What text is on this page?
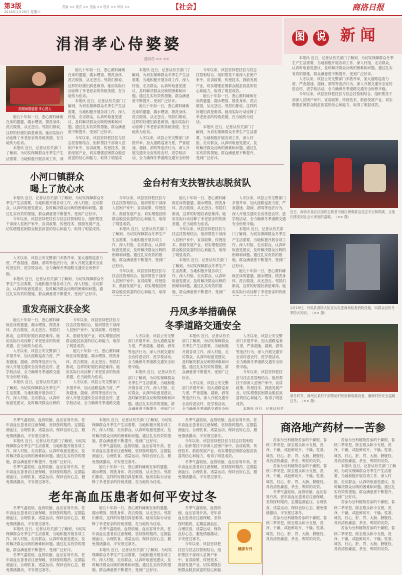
第3版
2018年1月20日 星期六
责编 ×× 版式 ×× 美编 ×× 校对 ×× 审读 ××	【社会】	商洛日报
涓涓孝心侍婆婆
通讯员 ×× ××
照顾病榻婆婆 孝心感人

她几十年如一日，悉心照料瘫痪在床的婆婆，端水喂饭、擦洗身体、洗衣做饭，从无怨言。邻居们都说，这样的好媳妇真是难得。她用实际行动诠释了孝老爱亲的传统美德，在当地传为佳话。

本报讯 近日，记者从有关部门了解到，为切实保障群众冬季生产生活需要，当地积极开展各项工作，深

她几十年如一日，悉心照料瘫痪在床的婆婆，端水喂饭、擦洗身体、洗衣做饭，从无怨言。邻居们都说，这样的好媳妇真是难得。她用实际行动诠释了孝老爱亲的传统美德，在当地传为佳话。

本报讯 近日，记者从有关部门了解到，为切实保障群众冬季生产生活需要，当地积极开展各项工作，深入村组、走访群众，认真听取意见建议，及时解决群众反映的困难和问题。通过扎实有效的措施，群众满意度不断提升，受到广泛好评。

今年以来，该县坚持把扶贫与扶志扶智相结合，组织帮扶干部深入贫困户家中，宣讲政策、传授技术、鼓励发展产业，切实增强贫困群众脱贫致富的信心和能力，取得了明显成

本报讯 近日，记者从有关部门了解到，为切实保障群众冬季生产生活需要，当地积极开展各项工作，深入村组、走访群众，认真听取意见建议，及时解决群众反映的困难和问题。通过扎实有效的措施，群众满意度不断提升，受到广泛好评。

她几十年如一日，悉心照料瘫痪在床的婆婆，端水喂饭、擦洗身体、洗衣做饭，从无怨言。邻居们都说，这样的好媳妇真是难得。她用实际行动诠释了孝老爱亲的传统美德，在当地传为佳话。

入冬以来，该县公安交警部门多措并举，加大道路巡查力度，严查超速、超载、酒驾等违法行为，深入开展交通安全宣传进农村、进学校活动，全力确保冬季道路交通安全形势

今年以来，该县坚持把扶贫与扶志扶智相结合，组织帮扶干部深入贫困户家中，宣讲政策、传授技术、鼓励发展产业，切实增强贫困群众脱贫致富的信心和能力，取得了明显成效。

她几十年如一日，悉心照料瘫痪在床的婆婆，端水喂饭、擦洗身体、洗衣做饭，从无怨言。邻居们都说，这样的好媳妇真是难得。她用实际行动诠释了孝老爱亲的传统美德，在当地传为佳话。

本报讯 近日，记者从有关部门了解到，为切实保障群众冬季生产生活需要，当地积极开展各项工作，深入村组、走访群众，认真听取意见建议，及时解决群众反映的困难和问题。通过扎实有效的措施，群众满意度不断提升，受到广泛好评。

图 说 新 闻

本报讯 近日，记者从有关部门了解到，为切实保障群众冬季生产生活需要，当地积极开展各项工作，深入村组、走访群众，认真听取意见建议，及时解决群众反映的困难和问题。通过扎实有效的措施，群众满意度不断提升，受到广泛好评。

入冬以来，该县公安交警部门多措并举，加大道路巡查力度，严查超速、超载、酒驾等违法行为，深入开展交通安全宣传进农村、进学校活动，全力确保冬季道路交通安全形势平稳。

今年以来，该县坚持把扶贫与扶志扶智相结合，组织帮扶干部深入贫困户家中，宣讲政策、传授技术、鼓励发展产业，切实增强贫困群众脱贫致富的信心和能力，取得了明显成效。

近日，商洛市某社区组织志愿者为辖区困难群众送去冬衣和棉被，让他们感受到社会大家庭的温暖。（×× 摄）
1月19日，丹凤县消防大队官兵走进商场检查消防设施，向群众宣传冬季防火知识。（×× 摄）
寒冬时节，商州区某村干部帮助村民检修取暖设备，确保村民安全温暖过冬。（×× 摄）
小河口镇群众
喝上了放心水

本报讯 近日，记者从有关部门了解到，为切实保障群众冬季生产生活需要，当地积极开展各项工作，深入村组、走访群众，认真听取意见建议，及时解决群众反映的困难和问题。通过扎实有效的措施，群众满意度不断提升，受到广泛好评。

今年以来，该县坚持把扶贫与扶志扶智相结合，组织帮扶干部深入贫困户家中，宣讲政策、传授技术、鼓励发展产业，切实增强贫困群众脱贫致富的信心和能力，取得了明显成效。

金台村有支扶智扶志脱贫队

今年以来，该县坚持把扶贫与扶志扶智相结合，组织帮扶干部深入贫困户家中，宣讲政策、传授技术、鼓励发展产业，切实增强贫困群众脱贫致富的信心和能力，取得了明显成效。

本报讯 近日，记者从有关部门了解到，为切实保障群众冬季生产生活需要，当地积极开展各项工作，深入村组、走访群众，认真听取意见建议，及时解决群众反映的困难和问题。通过扎实有效的措施，群众满意度不断提升，受到广泛好评。

今年以来，该县坚持把扶贫与扶志扶智相结合，组织帮扶干部深入贫困户家中，宣讲政策、传授技术、鼓励发展产业，切实增强贫困群众脱贫致富的信心和能力，取得

她几十年如一日，悉心照料瘫痪在床的婆婆，端水喂饭、擦洗身体、洗衣做饭，从无怨言。邻居们都说，这样的好媳妇真是难得。她用实际行动诠释了孝老爱亲的传统美德，在当地传为佳话。

今年以来，该县坚持把扶贫与扶志扶智相结合，组织帮扶干部深入贫困户家中，宣讲政策、传授技术、鼓励发展产业，切实增强贫困群众脱贫致富的信心和能力，取得了明显成效。

本报讯 近日，记者从有关部门了解到，为切实保障群众冬季生产生活需要，当地积极开展各项工作，深入村组、走访群众，认真听取意见建议，及时解决群众反映的困难和问题。通过扎实有效的措施，群众满意度不断提升，受到广

入冬以来，该县公安交警部门多措并举，加大道路巡查力度，严查超速、超载、酒驾等违法行为，深入开展交通安全宣传进农村、进学校活动，全力确保冬季道路交通安全形势平稳。

本报讯 近日，记者从有关部门了解到，为切实保障群众冬季生产生活需要，当地积极开展各项工作，深入村组、走访群众，认真听取意见建议，及时解决群众反映的困难和问题。通过扎实有效的措施，群众满意度不断提升，受到广泛好评。

她几十年如一日，悉心照料瘫痪在床的婆婆，端水喂饭、擦洗身体、洗衣做饭，从无怨言。邻居们都说，这样的好媳妇真是难得。她用实际行动诠释了孝老爱亲的传统

入冬以来，该县公安交警部门多措并举，加大道路巡查力度，严查超速、超载、酒驾等违法行为，深入开展交通安全宣传进农村、进学校活动，全力确保冬季道路交通安全形势平稳。

本报讯 近日，记者从有关部门了解到，为切实保障群众冬季生产生活需要，当地积极开展各项工作，深入村组、走访群众，认真听取意见建议，及时解决群众反映的困难和问题。通过扎实有效的措施，群众满意度不断提升，受到广泛好评。

重发亮丽文获金奖

她几十年如一日，悉心照料瘫痪在床的婆婆，端水喂饭、擦洗身体、洗衣做饭，从无怨言。邻居们都说，这样的好媳妇真是难得。她用实际行动诠释了孝老爱亲的传统美德，在当地传为佳话。

入冬以来，该县公安交警部门多措并举，加大道路巡查力度，严查超速、超载、酒驾等违法行为，深入开展交通安全宣传进农村、进学校活动，全力确保冬季道路交通安全形势平稳。

本报讯 近日，记者从有关部门了解到，为切实保障群众冬季生产生活需要，当地积极开展各项工作，深入村组、走访群众，认真听取意见建议，及时解决群众反映的

今年以来，该县坚持把扶贫与扶志扶智相结合，组织帮扶干部深入贫困户家中，宣讲政策、传授技术、鼓励发展产业，切实增强贫困群众脱贫致富的信心和能力，取得了明显成效。

她几十年如一日，悉心照料瘫痪在床的婆婆，端水喂饭、擦洗身体、洗衣做饭，从无怨言。邻居们都说，这样的好媳妇真是难得。她用实际行动诠释了孝老爱亲的传统美德，在当地传为佳话。

入冬以来，该县公安交警部门多措并举，加大道路巡查力度，严查超速、超载、酒驾等违法行为，深入开展交通安全宣传进农村、进学校活动，全力确保冬季道路交通

丹凤多举措确保
冬季道路交通安全

入冬以来，该县公安交警部门多措并举，加大道路巡查力度，严查超速、超载、酒驾等违法行为，深入开展交通安全宣传进农村、进学校活动，全力确保冬季道路交通安全形势平稳。

本报讯 近日，记者从有关部门了解到，为切实保障群众冬季生产生活需要，当地积极开展各项工作，深入村组、走访群众，认真听取意见建议，及时解决群众反映的困难和问题。通过扎实有效的措施，群众满意度不断提升，受到广泛

本报讯 近日，记者从有关部门了解到，为切实保障群众冬季生产生活需要，当地积极开展各项工作，深入村组、走访群众，认真听取意见建议，及时解决群众反映的困难和问题。通过扎实有效的措施，群众满意度不断提升，受到广泛好评。

入冬以来，该县公安交警部门多措并举，加大道路巡查力度，严查超速、超载、酒驾等违法行为，深入开展交通安全宣传进农村、进学校活动，全力确保冬季道路交通安全形

入冬以来，该县公安交警部门多措并举，加大道路巡查力度，严查超速、超载、酒驾等违法行为，深入开展交通安全宣传进农村、进学校活动，全力确保冬季道路交通安全形势平稳。

今年以来，该县坚持把扶贫与扶志扶智相结合，组织帮扶干部深入贫困户家中，宣讲政策、传授技术、鼓励发展产业，切实增强贫困群众脱贫致富的信心和能力，取得了明显成效。

本报讯 近日，记者从有关

冬季气温较低，血管收缩，血压容易升高，老年高血压患者应注意保暖，坚持按时服药，定期监测血压，合理饮食，适量运动，保持良好心态，避免情绪激动，平安度过寒冬。

本报讯 近日，记者从有关部门了解到，为切实保障群众冬季生产生活需要，当地积极开展各项工作，深入村组、走访群众，认真听取意见建议，及时解决群众反映的困难和问题。通过扎实有效的措施，群众满意度不断提升，受到广泛好评。

冬季气温较低，血管收缩，血压容易升高，老年高血压患者应注意保暖，坚持按时服药，定期监测血压，合理饮食，适量运动，保持良好心态，避免情绪激动，平安度过寒冬。

本报讯 近日，记者从有关部门了解到，为切实保障群众冬季生产生活需要，当地积极开展各项工作，深入村组、走访群众，认真听取意见建议，及时解决群众反映的困难和问题。通过扎实有效的措施，群众满意度不断提升，受到广泛好评。

冬季气温较低，血管收缩，血压容易升高，老年高血压患者应注意保暖，坚持按时服药，定期监测血压，合理饮食，适量运动，保持良好心态，避免情绪激动，平安度过寒冬。

她几十年如一日，悉心照料瘫痪在床的婆婆，端水喂饭、擦洗身体、洗衣做饭，从无怨言。邻居们都说，这样的好媳妇真是难得。她用实际行动诠释了孝老爱亲的传统美德，在当地传为佳话。

冬季气温较低，血管收缩，血压容易升高，老年高血压患者应注意保暖，坚持按时服药，定期监测血压，合理饮食，适量运动，保持良好心态，避免情绪激动，平安度过寒冬。

今年以来，该县坚持把扶贫与扶志扶智相结合，组织帮扶干部深入贫困户家中，宣讲政策、传授技术、鼓励发展产业，切实增强贫困群众脱贫致富的信心和能力，取得了明显成效。

冬季气温较低，血管收缩，血压容易升高，老年高血压患者应注意保暖，坚持按时服药，定期监测血压，合理饮食，适量运动，保持良好心态，避免情绪激动，平安度过寒冬。

老年高血压患者如何平安过冬

冬季气温较低，血管收缩，血压容易升高，老年高血压患者应注意保暖，坚持按时服药，定期监测血压，合理饮食，适量运动，保持良好心态，避免情绪激动，平安度过寒冬。

本报讯 近日，记者从有关部门了解到，为切实保障群众冬季生产生活需要，当地积极开展各项工作，深入村组、走访群众，认真听取意见建议，及时解决群众反映的困难和问题。通过扎实有效的措施，群众满意度不断提升，受到广泛好评。

冬季气温较低，血管收缩，血压容易升高，老年高血压患者应注意保暖，坚持按时服药，定期监测血压，合理饮食，适量运动，保持良好心态，避免情绪激动，平安度过寒冬。

她几十年如一日，悉心照料瘫痪在床的婆婆，端水喂饭、擦洗身体、洗衣做饭，从无怨言。邻居们都说，这样的好媳妇真是难得。她用实际行动诠释了孝老爱亲的传统美德，在当地传为佳话。

冬季气温较低，血管收缩，血压容易升高，老年高血压患者应注意保暖，坚持按时服药，定期监测血压，合理饮食，适量运动，保持良好心态，避免情绪激动，平安度过寒冬。

本报讯 近日，记者从有关部门了解到，为切实保障群众冬季生产生活需要，当地积极开展各项工作，深入村组、走访群众，认真听取意见建议，及时解决群众反映的困难和问题。通过扎实有效的措施，群众满意度不断提升，受到广泛好评。

冬季气温较低，血管收缩，血压容易升高，老年高血压患者应注意保暖，坚持按时服药，定期监测血压，合理饮食，适量运动，保持良好心态，避免情绪激动，平安度过寒冬。

今年以来，该县坚持把扶贫与扶志扶智相结合，组织帮扶干部深入贫困户家中，宣讲政策、传授技术、鼓励发展产业，切实增强贫困群众脱贫致富的信心和能

健康专刊
商洛地产药材——苦参

苦参为豆科植物苦参的干燥根，春秋二季采挖，除去根头和小支根，洗净，干燥，或趁鲜切片，干燥。性寒，味苦，归心、肝、胃、大肠、膀胱经，具有清热燥湿、杀虫、利尿的功效。

苦参为豆科植物苦参的干燥根，春秋二季采挖，除去根头和小支根，洗净，干燥，或趁鲜切片，干燥。性寒，味苦，归心、肝、胃、大肠、膀胱经，具有清热燥湿、杀虫、利尿的功效。

冬季气温较低，血管收缩，血压容易升高，老年高血压患者应注意保暖，坚持按时服药，定期监测血压，合理饮食，适量运动，保持良好心态，避免情绪激动，平安度过寒冬。

苦参为豆科植物苦参的干燥根，春秋二季采挖，除去根头和小支根，洗净，干燥，或趁鲜切片，干燥。性寒，味苦，归心、肝、胃、大肠、膀胱经，具有清热燥湿、杀虫、利尿的功效。

苦参为豆科植物苦参的干燥根，春秋二季采挖，除去根头和小支根，洗净，干燥，或趁鲜切片，干燥。性寒，味苦，归心、肝、胃、大肠、膀胱经，具有清热燥湿、杀虫、利尿的功效。

本报讯 近日，记者从有关部门了解到，为切实保障群众冬季生产生活需要，当地积极开展各项工作，深入村组、走访群众，认真听取意见建议，及时解决群众反映的困难和问题。通过扎实有效的措施，群众满意度不断提升，受到广泛好评。

苦参为豆科植物苦参的干燥根，春秋二季采挖，除去根头和小支根，洗净，干燥，或趁鲜切片，干燥。性寒，味苦，归心、肝、胃、大肠、膀胱经，具有清热燥湿、杀虫、利尿的功效。

苦参为豆科植物苦参的干燥根，春秋二季采挖，除去根头和小支根，洗净，干燥，或趁鲜切片，干燥。性寒，味苦，归心、肝、胃、大肠、膀胱经，具有清热燥湿、杀虫、利尿的功效。
